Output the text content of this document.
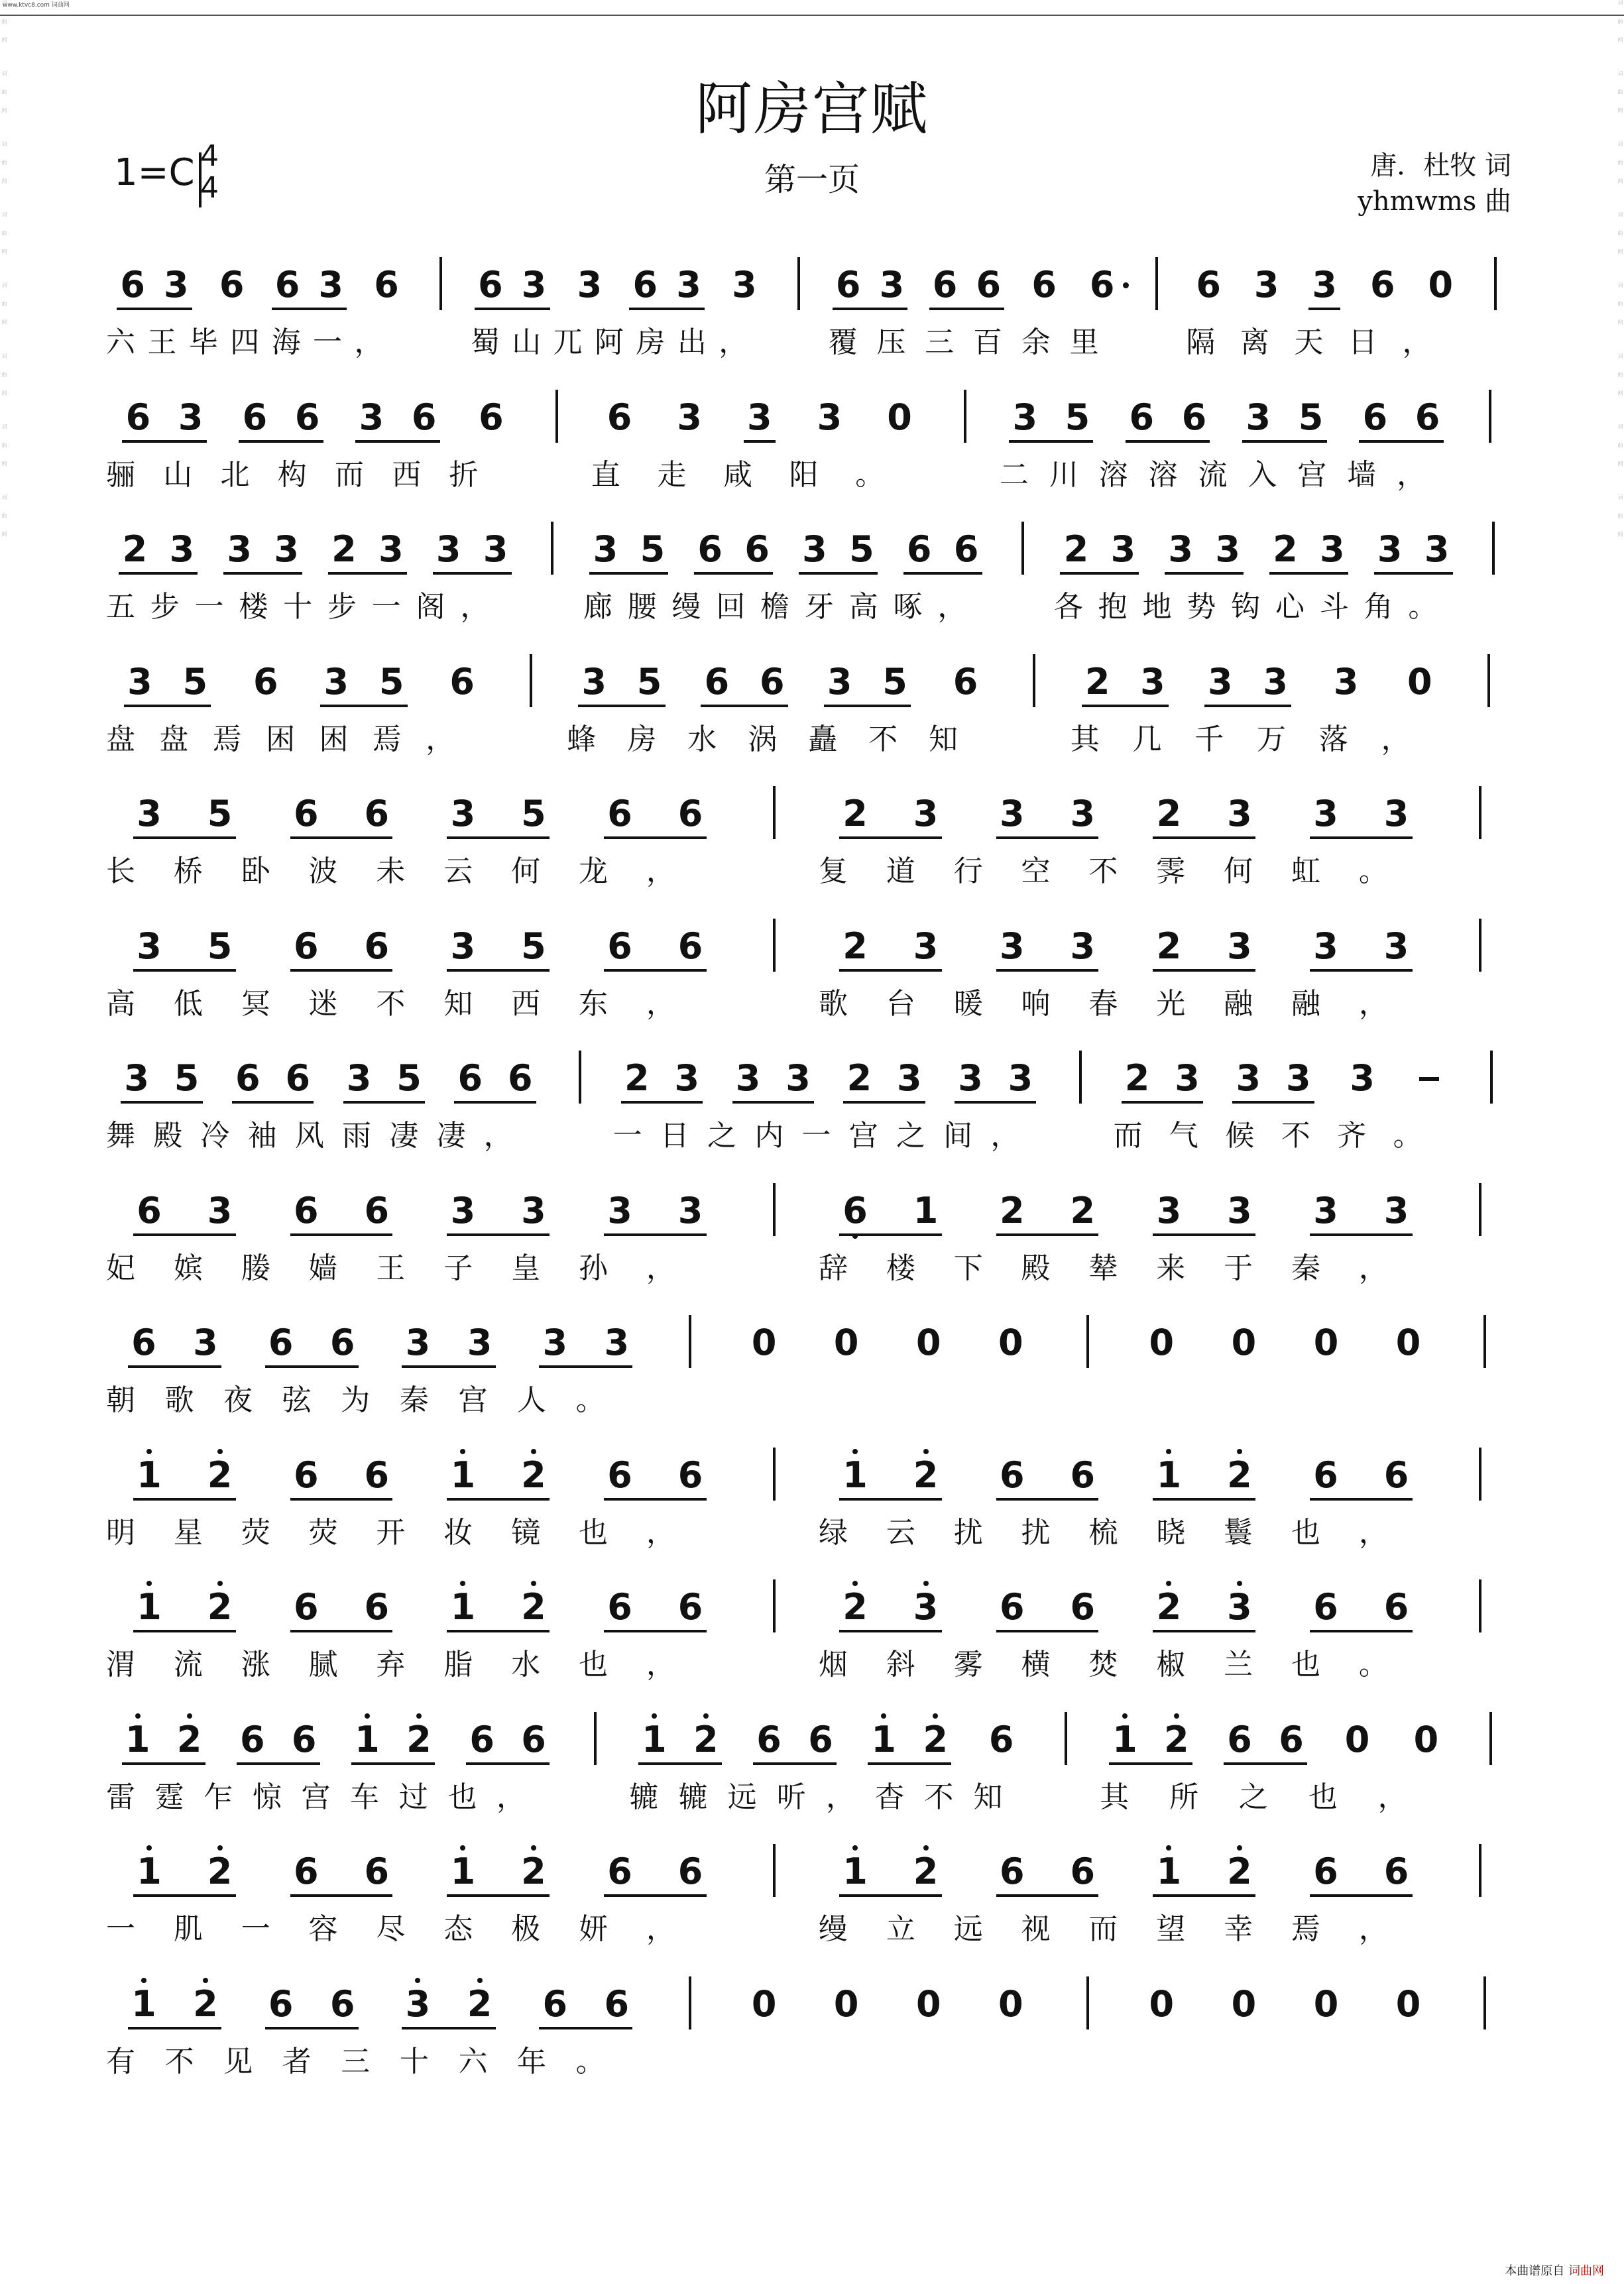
www.ktvc8.com 词曲网
词曲网 词曲网 词曲网 词曲网 词曲网 词曲网 词曲网 词曲网	词曲网 词曲网 词曲网 词曲网 词曲网 词曲网 词曲网 词曲网
阿房宫赋
第一页
1=C 4
4
唐．杜牧 词
yhmwms 曲
6 3 6 6 3 6 6 3 3 6 3 3 6 3 6 6 6 6 6 3 3 6 0
六王毕四海一，	蜀山兀阿房出， 覆压三百余里 隔离天日，
6 3 6 6 3 6 6	6 3 3 3 0	3 5 6 6 3 5 6 6
骊山北构而西折	直走咸阳。	二川溶溶流入宫墙，
2 3 3 3 2 3 3 3 3 5 6 6 3 5 6 6 2 3 3 3 2 3 3 3
五步一楼十步一阁，	廊腰缦回檐牙高啄， 各抱地势钩心斗角。
3 5 6 3 5 6	3 5 6 6 3 5 6	2 3 3 3 3 0
盘盘焉困困焉，	蜂房水涡矗不知	其几千万落，
3 5 6 6 3 5 6 6	2 3 3 3 2 3 3 3
长桥卧波未云何龙，	复道行空不霁何虹。
3 5 6 6 3 5 6 6	2 3 3 3 2 3 3 3
高低冥迷不知西东，	歌台暖响春光融融，
3 5 6 6 3 5 6 6	2 3 3 3 2 3 3 3	2 3 3 3 3
舞殿冷袖风雨凄凄，	一日之内一宫之间，	而气候不齐。
6 3 6 6 3 3 3 3	6 1 2 2 3 3 3 3
妃嫔媵嫱王子皇孙，	辞楼下殿辇来于秦，
6 3 6 6 3 3 3 3	0 0 0 0	0 0 0 0
朝歌夜弦为秦宫人。
1 2 6 6 1 2 6 6	1 2 6 6 1 2 6 6
明星荧荧开妆镜也，	绿云扰扰梳晓鬟也，
1 2 6 6 1 2 6 6	2 3 6 6 2 3 6 6
渭流涨腻弃脂水也，	烟斜雾横焚椒兰也。
1 2 6 6 1 2 6 6	1 2 6 6 1 2 6	1 2 6 6 0 0
雷霆乍惊宫车过也，	辘辘远听，杳不知	其所之也，
1 2 6 6 1 2 6 6	1 2 6 6 1 2 6 6
一肌一容尽态极妍，	缦立远视而望幸焉，
1 2 6 6 3 2 6 6	0 0 0 0	0 0 0 0
有不见者三十六年。
本曲谱原自 词曲网
